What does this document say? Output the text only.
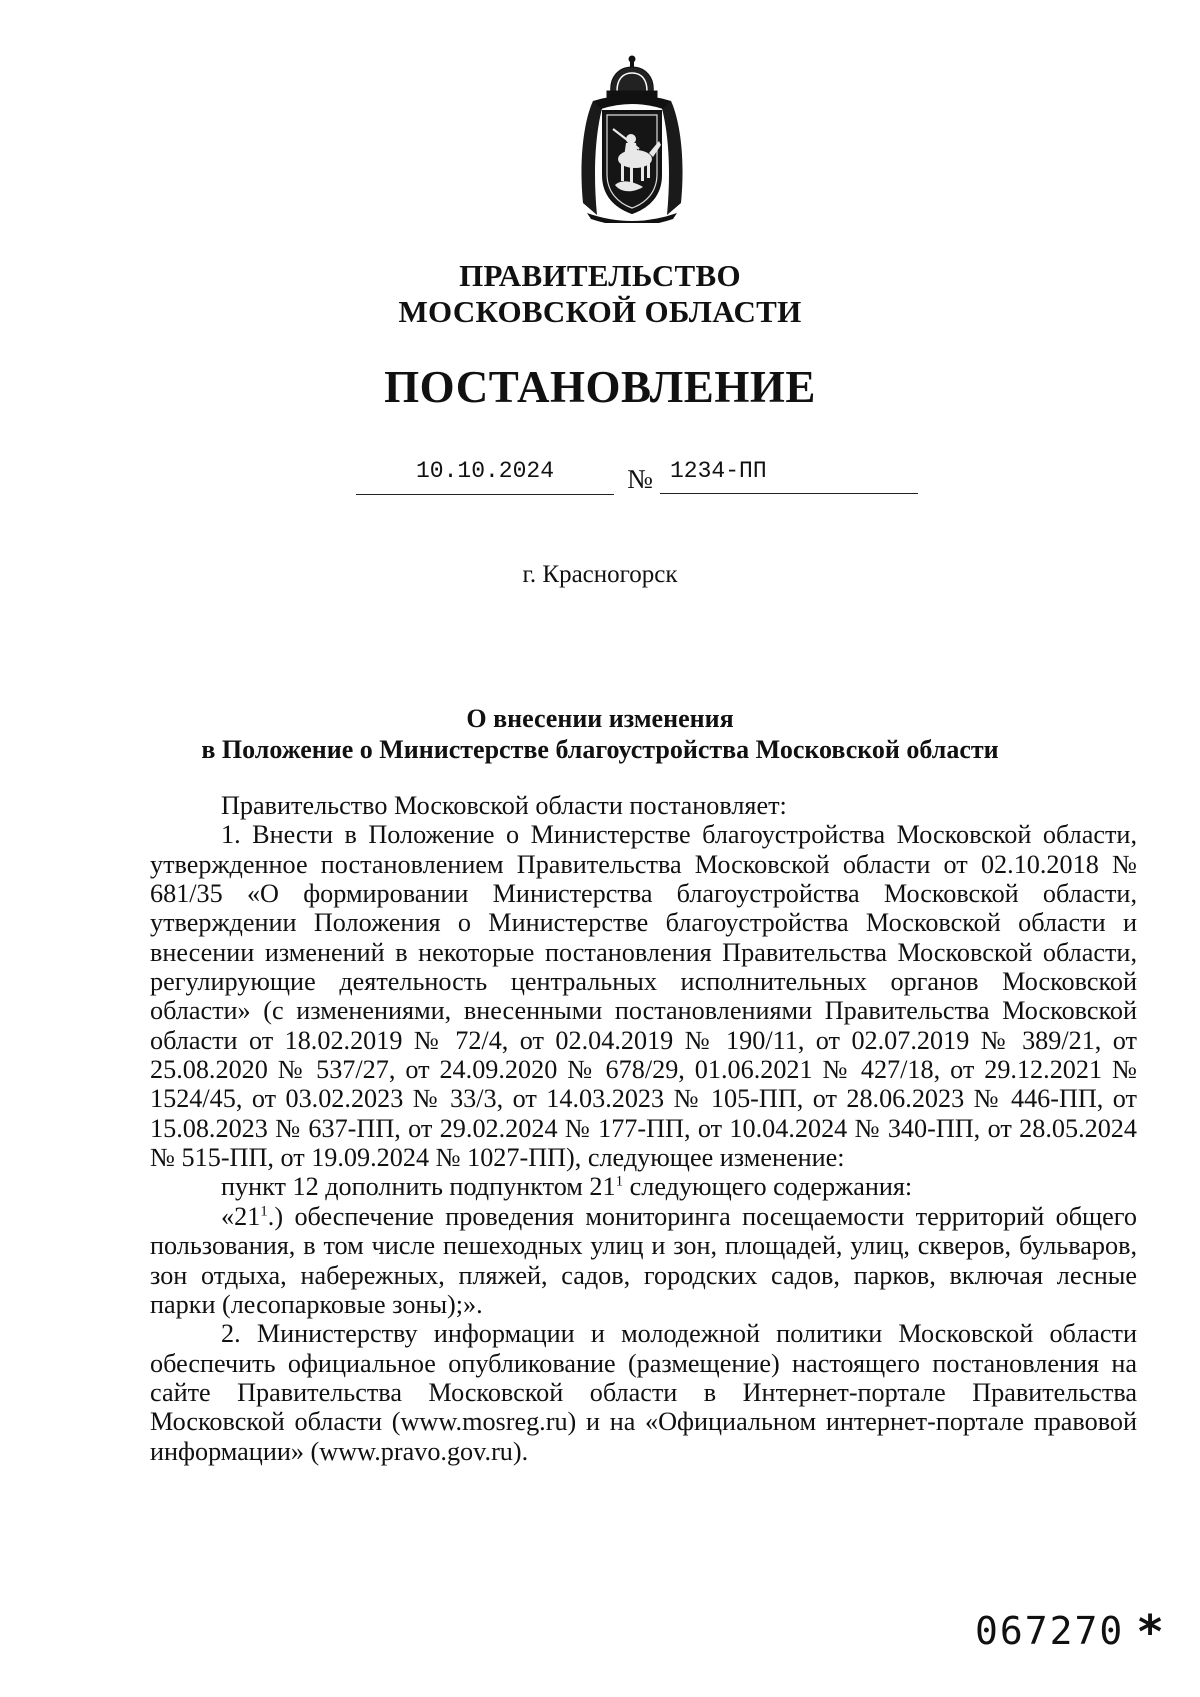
ПРАВИТЕЛЬСТВО
МОСКОВСКОЙ ОБЛАСТИ
ПОСТАНОВЛЕНИЕ
10.10.2024	№ 1234-ПП
г. Красногорск
О внесении изменения
в Положение о Министерстве благоустройства Московской области

Правительство Московской области постановляет:

1. Внести в Положение о Министерстве благоустройства Московской области, утвержденное постановлением Правительства Московской области от 02.10.2018 № 681/35 «О формировании Министерства благоустройства Московской области, утверждении Положения о Министерстве благоустройства Московской области и внесении изменений в некоторые постановления Правительства Московской области, регулирующие деятельность центральных исполнительных органов Московской области» (с изменениями, внесенными постановлениями Правительства Московской области от 18.02.2019 № 72/4, от 02.04.2019 № 190/11, от 02.07.2019 № 389/21, от 25.08.2020 № 537/27, от 24.09.2020 № 678/29, 01.06.2021 № 427/18, от 29.12.2021 № 1524/45, от 03.02.2023 № 33/3, от 14.03.2023 № 105-ПП, от 28.06.2023 № 446-ПП, от 15.08.2023 № 637-ПП, от 29.02.2024 № 177-ПП, от 10.04.2024 № 340-ПП, от 28.05.2024 № 515-ПП, от 19.09.2024 № 1027-ПП), следующее изменение:

пункт 12 дополнить подпунктом $21^1$ следующего содержания:

«$21^1$.) обеспечение проведения мониторинга посещаемости территорий общего пользования, в том числе пешеходных улиц и зон, площадей, улиц, скверов, бульваров, зон отдыха, набережных, пляжей, садов, городских садов, парков, включая лесные парки (лесопарковые зоны);».

2. Министерству информации и молодежной политики Московской области обеспечить официальное опубликование (размещение) настоящего постановления на сайте Правительства Московской области в Интернет-портале Правительства Московской области (www.mosreg.ru) и на «Официальном интернет-портале правовой информации» (www.pravo.gov.ru).

067270 *
